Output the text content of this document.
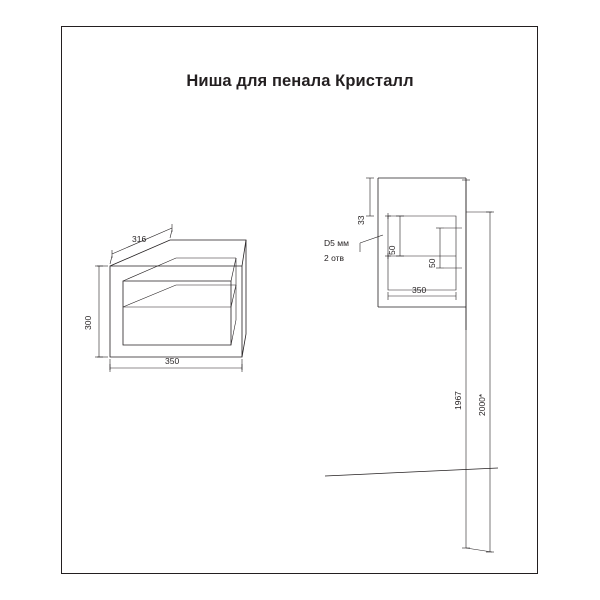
Ниша для пенала Кристалл
316
300
350
33
50
50
350
D5 мм
2 отв
1967 2000*
